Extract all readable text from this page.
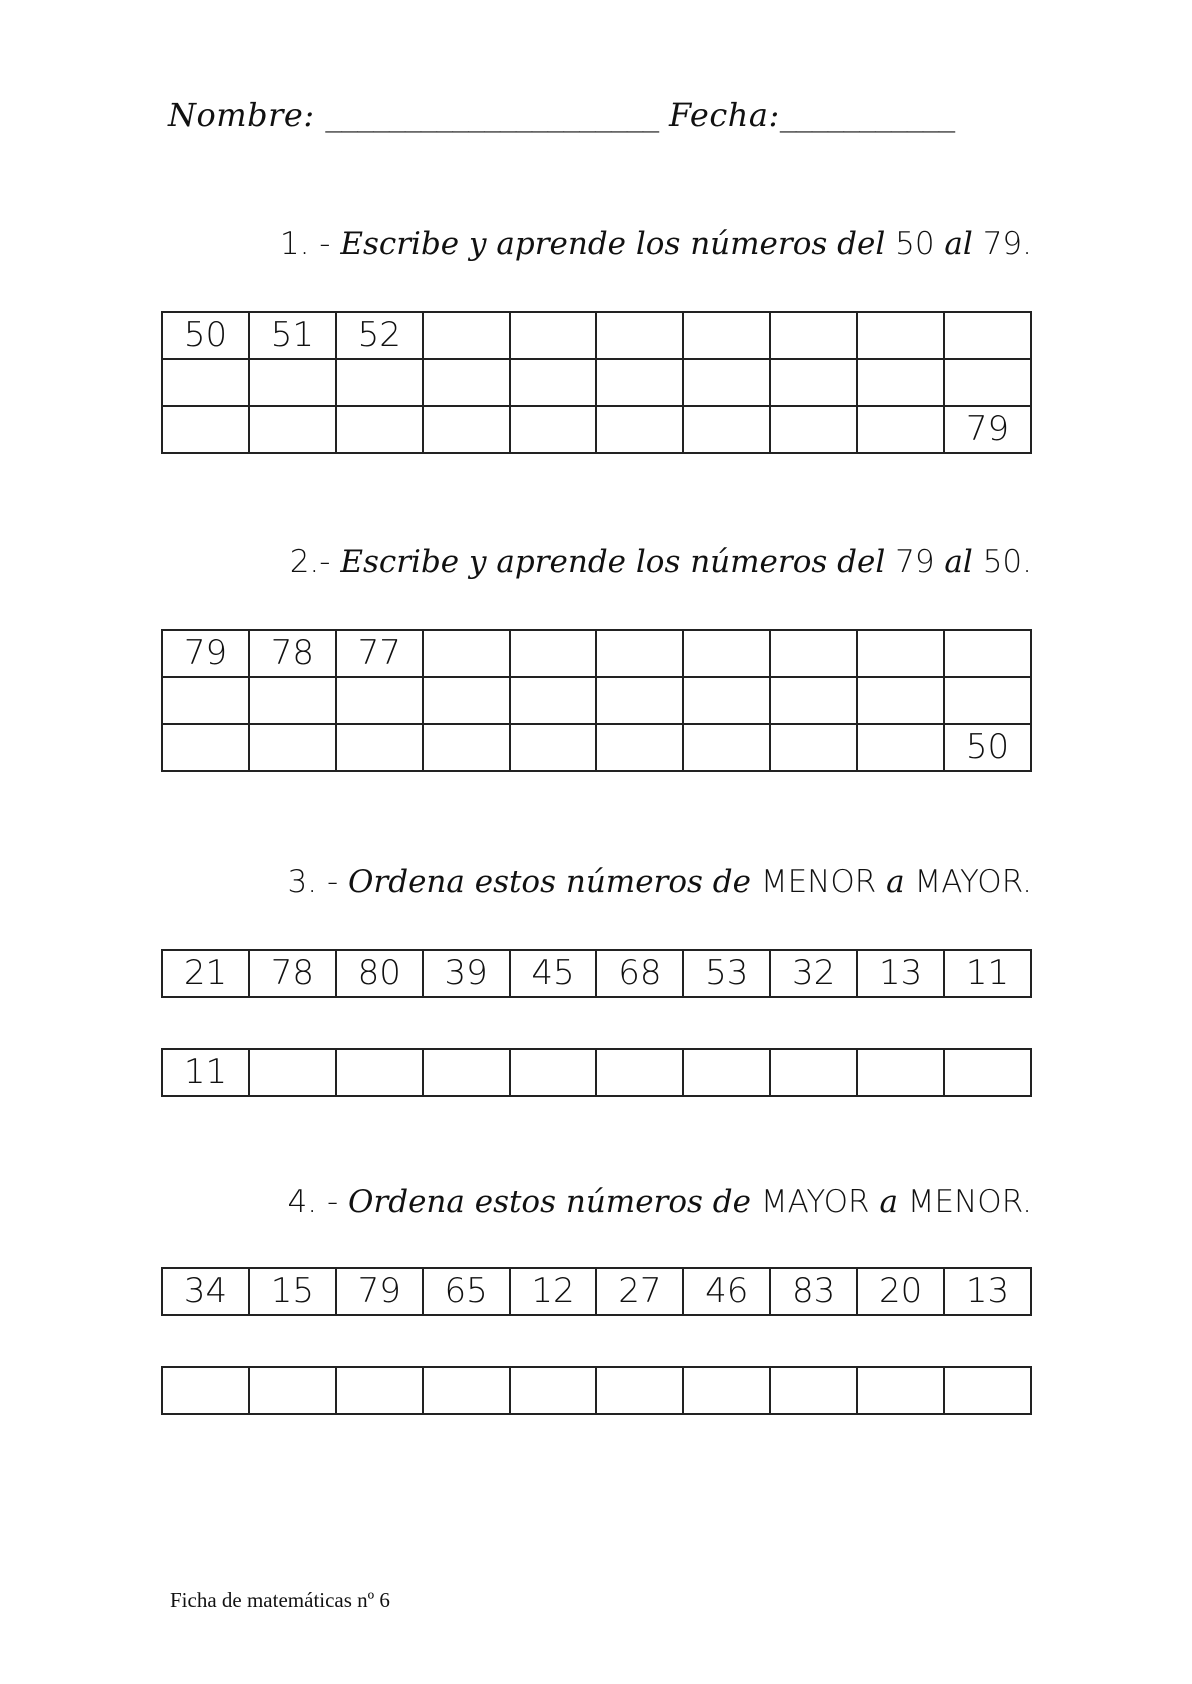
Nombre: _____________________ Fecha:___________
1. - Escribe y aprende los números del 50 al 79.
50	51	52							

									79
2.- Escribe y aprende los números del 79 al 50.
79	78	77							

									50
3. - Ordena estos números de MENOR a MAYOR.
21	78	80	39	45	68	53	32	13	11
11									
4. - Ordena estos números de MAYOR a MENOR.
34	15	79	65	12	27	46	83	20	13

Ficha de matemáticas nº 6
